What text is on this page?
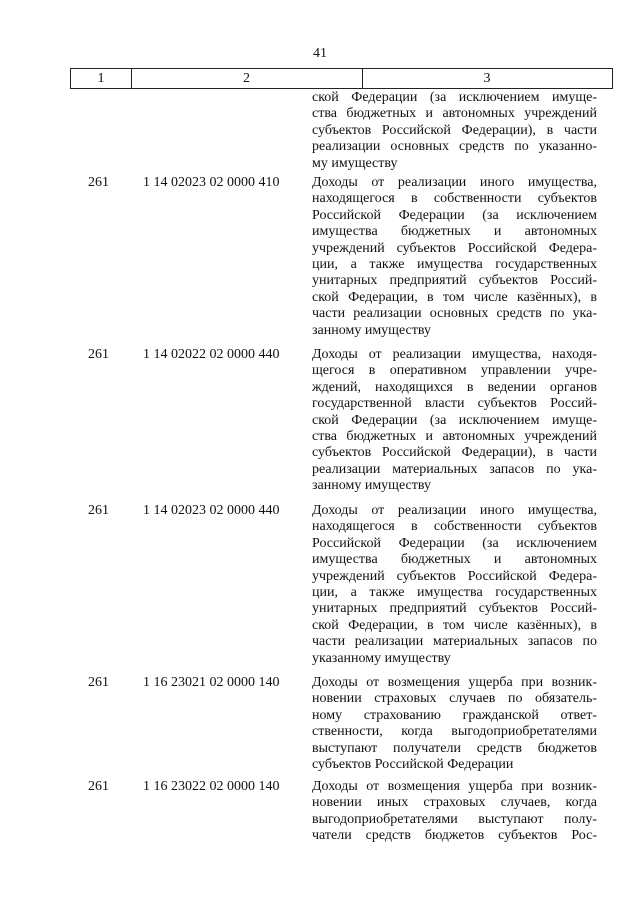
41
1	2	3
ской Федерации (за исключением имуще-
ства бюджетных и автономных учреждений
субъектов Российской Федерации), в части
реализации основных средств по указанно-
му имуществу
261 1 14 02023 02 0000 410 Доходы от реализации иного имущества,
находящегося в собственности субъектов
Российской Федерации (за исключением
имущества бюджетных и автономных
учреждений субъектов Российской Федера-
ции, а также имущества государственных
унитарных предприятий субъектов Россий-
ской Федерации, в том числе казённых), в
части реализации основных средств по ука-
занному имуществу
261 1 14 02022 02 0000 440 Доходы от реализации имущества, находя-
щегося в оперативном управлении учре-
ждений, находящихся в ведении органов
государственной власти субъектов Россий-
ской Федерации (за исключением имуще-
ства бюджетных и автономных учреждений
субъектов Российской Федерации), в части
реализации материальных запасов по ука-
занному имуществу
261 1 14 02023 02 0000 440 Доходы от реализации иного имущества,
находящегося в собственности субъектов
Российской Федерации (за исключением
имущества бюджетных и автономных
учреждений субъектов Российской Федера-
ции, а также имущества государственных
унитарных предприятий субъектов Россий-
ской Федерации, в том числе казённых), в
части реализации материальных запасов по
указанному имуществу
261 1 16 23021 02 0000 140 Доходы от возмещения ущерба при возник-
новении страховых случаев по обязатель-
ному страхованию гражданской ответ-
ственности, когда выгодоприобретателями
выступают получатели средств бюджетов
субъектов Российской Федерации
261 1 16 23022 02 0000 140 Доходы от возмещения ущерба при возник-
новении иных страховых случаев, когда
выгодоприобретателями выступают полу-
чатели средств бюджетов субъектов Рос-
